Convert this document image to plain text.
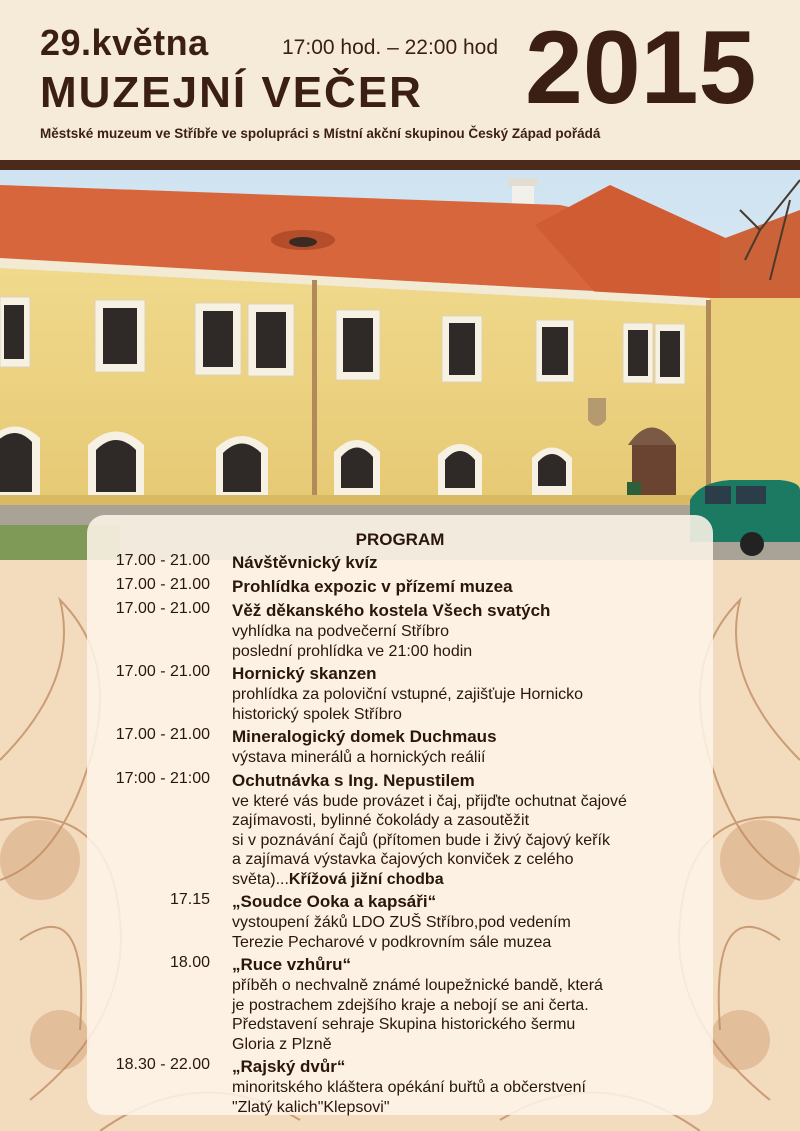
29.května	17:00 hod. – 22:00 hod
MUZEJNÍ VEČER 2015
Městské muzeum ve Stříbře ve spolupráci s Místní akční skupinou Český Západ pořádá
PROGRAM
17.00 - 21.00 Návštěvnický kvíz
17.00 - 21.00 Prohlídka expozic v přízemí muzea
17.00 - 21.00 Věž děkanského kostela Všech svatých
vyhlídka na podvečerní Stříbro
poslední prohlídka ve 21:00 hodin
17.00 - 21.00 Hornický skanzen
prohlídka za poloviční vstupné, zajišťuje Hornicko
historický spolek Stříbro
17.00 - 21.00 Mineralogický domek Duchmaus
výstava minerálů a hornických reálií
17:00 - 21:00 Ochutnávka s Ing. Nepustilem
ve které vás bude provázet i čaj, přijďte ochutnat čajové
zajímavosti, bylinné čokolády a zasoutěžit
si v poznávání čajů (přítomen bude i živý čajový keřík
a zajímavá výstavka čajových konviček z celého
světa)...Křížová jižní chodba
17.15 „Soudce Ooka a kapsáři“
vystoupení žáků LDO ZUŠ Stříbro,pod vedením
Terezie Pecharové v podkrovním sále muzea
18.00 „Ruce vzhůru“
příběh o nechvalně známé loupežnické bandě, která
je postrachem zdejšího kraje a nebojí se ani čerta.
Představení sehraje Skupina historického šermu
Gloria z Plzně
18.30 - 22.00 „Rajský dvůr“
minoritského kláštera opékání buřtů a občerstvení
"Zlatý kalich"Klepsovi"
